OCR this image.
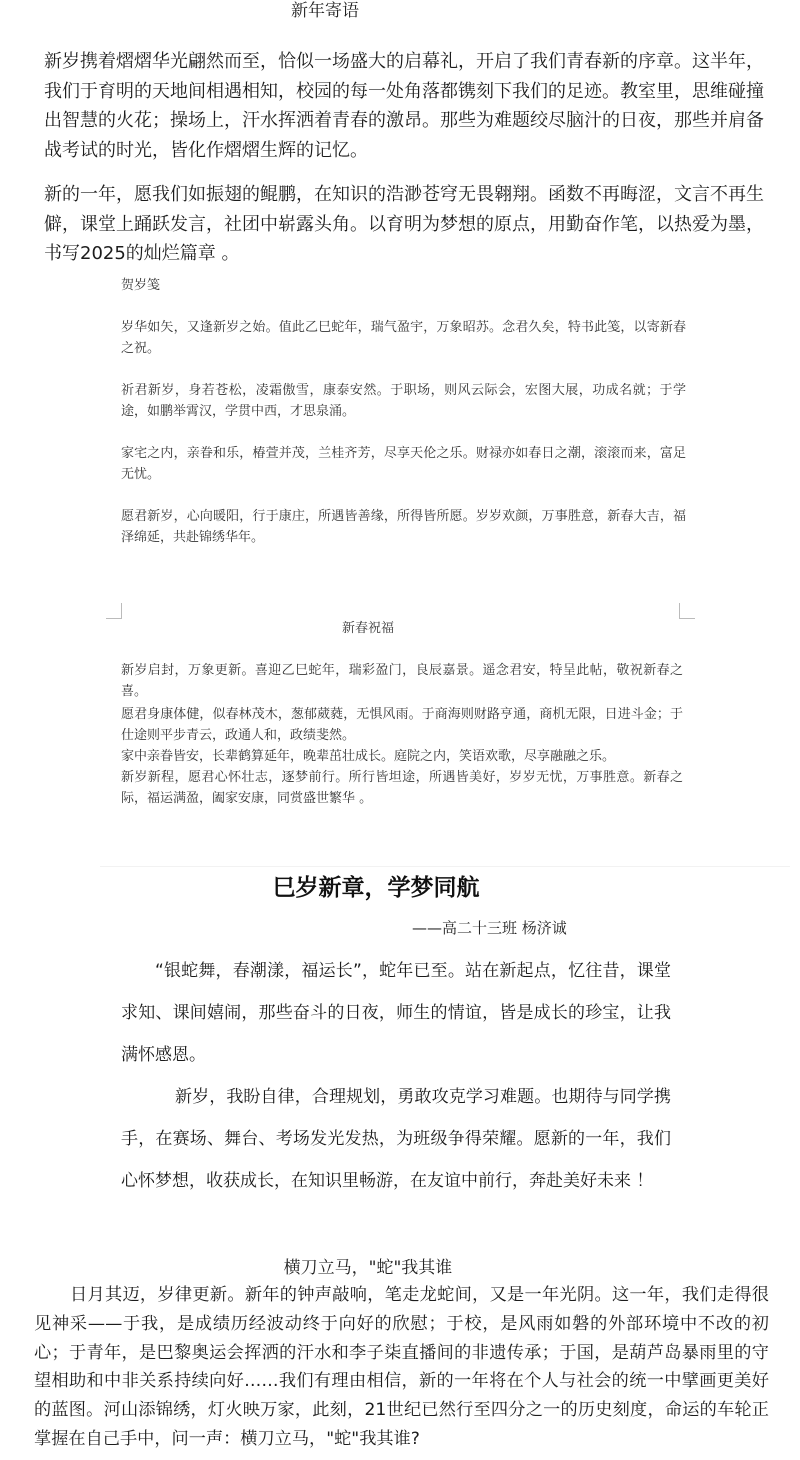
新年寄语

新岁携着熠熠华光翩然而至，恰似一场盛大的启幕礼，开启了我们青春新的序章。这半年，我们于育明的天地间相遇相知，校园的每一处角落都镌刻下我们的足迹。教室里，思维碰撞出智慧的火花；操场上，汗水挥洒着青春的激昂。那些为难题绞尽脑汁的日夜，那些并肩备战考试的时光，皆化作熠熠生辉的记忆。

新的一年，愿我们如振翅的鲲鹏，在知识的浩渺苍穹无畏翱翔。函数不再晦涩，文言不再生僻，课堂上踊跃发言，社团中崭露头角。以育明为梦想的原点，用勤奋作笔，以热爱为墨，书写2025的灿烂篇章 。

贺岁笺

岁华如矢，又逢新岁之始。值此乙巳蛇年，瑞气盈宇，万象昭苏。念君久矣，特书此笺，以寄新春之祝。

祈君新岁，身若苍松，凌霜傲雪，康泰安然。于职场，则风云际会，宏图大展，功成名就；于学途，如鹏举霄汉，学贯中西，才思泉涌。

家宅之内，亲眷和乐，椿萱并茂，兰桂齐芳，尽享天伦之乐。财禄亦如春日之潮，滚滚而来，富足无忧。

愿君新岁，心向暖阳，行于康庄，所遇皆善缘，所得皆所愿。岁岁欢颜，万事胜意，新春大吉，福泽绵延，共赴锦绣华年。

新春祝福

新岁启封，万象更新。喜迎乙巳蛇年，瑞彩盈门，良辰嘉景。遥念君安，特呈此帖，敬祝新春之喜。

愿君身康体健，似春林茂木，葱郁葳蕤，无惧风雨。于商海则财路亨通，商机无限，日进斗金；于仕途则平步青云，政通人和，政绩斐然。

家中亲眷皆安，长辈鹤算延年，晚辈茁壮成长。庭院之内，笑语欢歌，尽享融融之乐。

新岁新程，愿君心怀壮志，逐梦前行。所行皆坦途，所遇皆美好，岁岁无忧，万事胜意。新春之际，福运满盈，阖家安康，同赏盛世繁华 。

巳岁新章，学梦同航
——高二十三班 杨济诚

“银蛇舞，春潮漾，福运长”，蛇年已至。站在新起点，忆往昔，课堂求知、课间嬉闹，那些奋斗的日夜，师生的情谊，皆是成长的珍宝，让我满怀感恩。

新岁，我盼自律，合理规划，勇敢攻克学习难题。也期待与同学携手，在赛场、舞台、考场发光发热，为班级争得荣耀。愿新的一年，我们心怀梦想，收获成长，在知识里畅游，在友谊中前行，奔赴美好未来 ！

横刀立马，"蛇"我其谁

日月其迈，岁律更新。新年的钟声敲响，笔走龙蛇间，又是一年光阴。这一年，我们走得很见神采——于我，是成绩历经波动终于向好的欣慰；于校，是风雨如磐的外部环境中不改的初心；于青年，是巴黎奥运会挥洒的汗水和李子柒直播间的非遗传承；于国，是葫芦岛暴雨里的守望相助和中非关系持续向好……我们有理由相信，新的一年将在个人与社会的统一中擘画更美好的蓝图。河山添锦绣，灯火映万家，此刻，21世纪已然行至四分之一的历史刻度，命运的车轮正掌握在自己手中，问一声：横刀立马，"蛇"我其谁?
